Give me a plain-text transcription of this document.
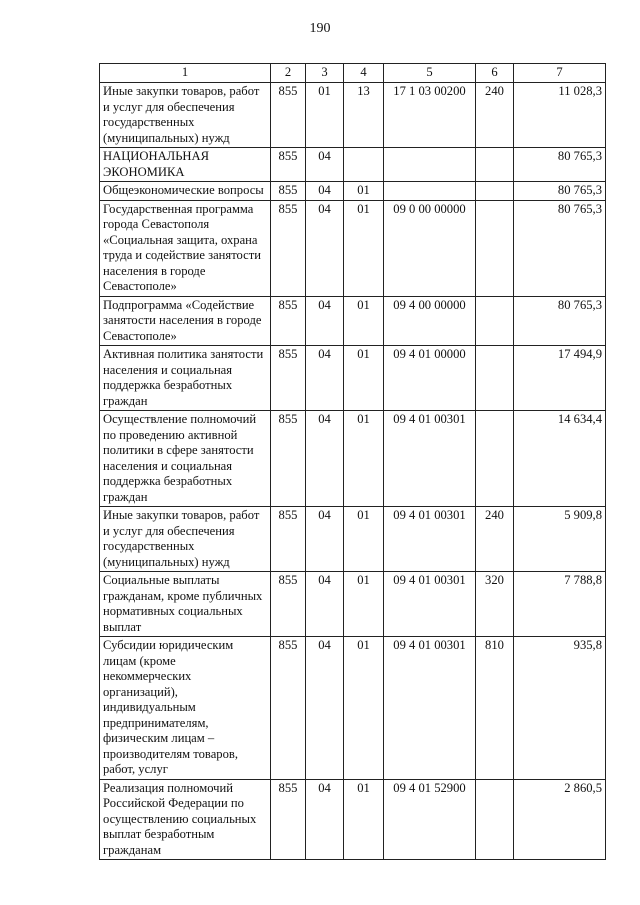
190
1	2	3	4	5	6	7
Иные закупки товаров, работ и услуг для обеспечения государственных (муниципальных) нужд	855	01	13	17 1 03 00200	240	11 028,3
НАЦИОНАЛЬНАЯ ЭКОНОМИКА	855	04				80 765,3
Общеэкономические вопросы	855	04	01			80 765,3
Государственная программа города Севастополя «Социальная защита, охрана труда и содействие занятости населения в городе Севастополе»	855	04	01	09 0 00 00000		80 765,3
Подпрограмма «Содействие занятости населения в городе Севастополе»	855	04	01	09 4 00 00000		80 765,3
Активная политика занятости населения и социальная поддержка безработных граждан	855	04	01	09 4 01 00000		17 494,9
Осуществление полномочий по проведению активной политики в сфере занятости населения и социальная поддержка безработных граждан	855	04	01	09 4 01 00301		14 634,4
Иные закупки товаров, работ и услуг для обеспечения государственных (муниципальных) нужд	855	04	01	09 4 01 00301	240	5 909,8
Социальные выплаты гражданам, кроме публичных нормативных социальных выплат	855	04	01	09 4 01 00301	320	7 788,8
Субсидии юридическим лицам (кроме некоммерческих организаций), индивидуальным предпринимателям, физическим лицам – производителям товаров, работ, услуг	855	04	01	09 4 01 00301	810	935,8
Реализация полномочий Российской Федерации по осуществлению социальных выплат безработным гражданам	855	04	01	09 4 01 52900		2 860,5
